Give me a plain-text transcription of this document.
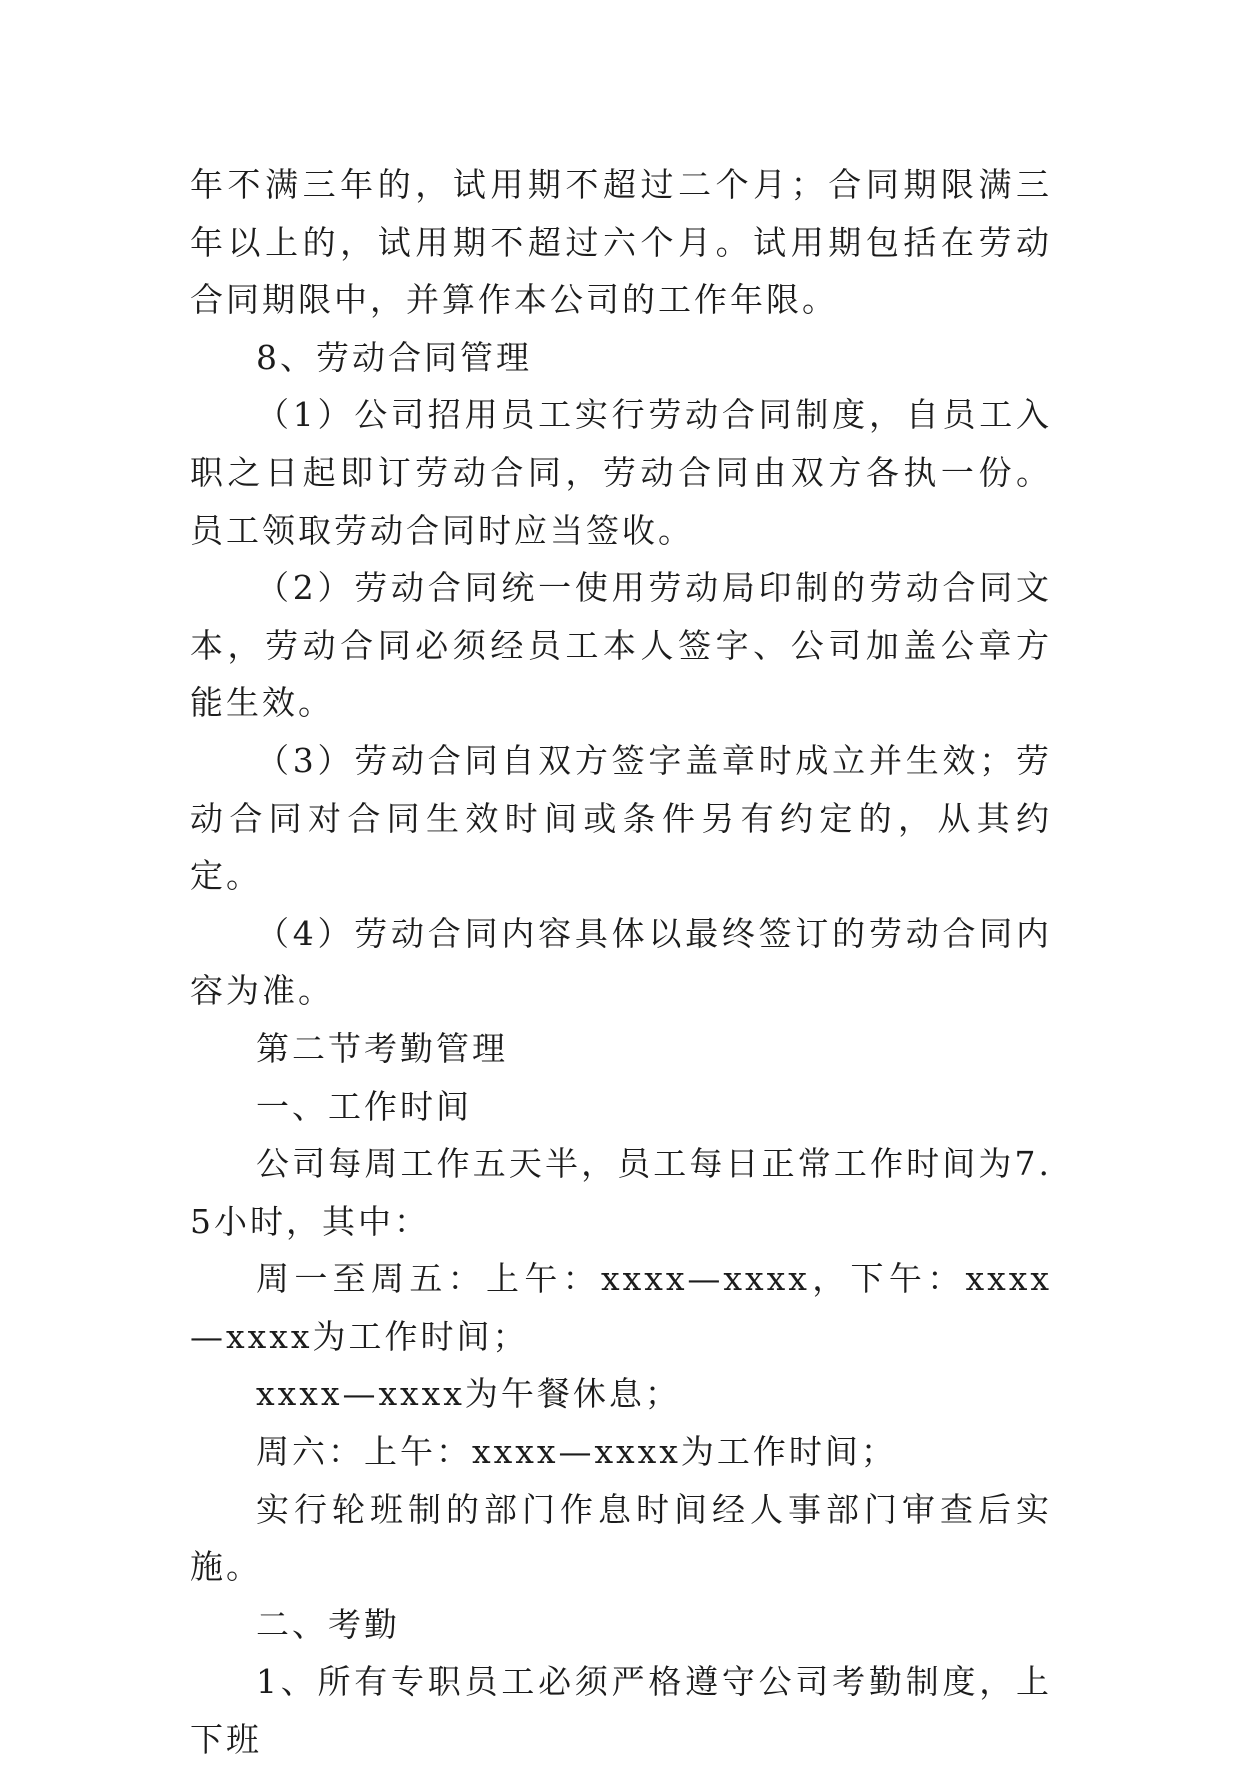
年不满三年的，试用期不超过二个月；合同期限满三年以上的，试用期不超过六个月。试用期包括在劳动合同期限中，并算作本公司的工作年限。

8、劳动合同管理

（1）公司招用员工实行劳动合同制度，自员工入职之日起即订劳动合同，劳动合同由双方各执一份。员工领取劳动合同时应当签收。

（2）劳动合同统一使用劳动局印制的劳动合同文本，劳动合同必须经员工本人签字、公司加盖公章方能生效。

（3）劳动合同自双方签字盖章时成立并生效；劳动合同对合同生效时间或条件另有约定的，从其约定。

（4）劳动合同内容具体以最终签订的劳动合同内容为准。

第二节考勤管理

一、工作时间

公司每周工作五天半，员工每日正常工作时间为7.5小时，其中：

周一至周五：上午：xxxx—xxxx，下午：xxxx—xxxx为工作时间；

xxxx—xxxx为午餐休息；

周六：上午：xxxx—xxxx为工作时间；

实行轮班制的部门作息时间经人事部门审查后实施。

二、考勤

1、所有专职员工必须严格遵守公司考勤制度，上下班
